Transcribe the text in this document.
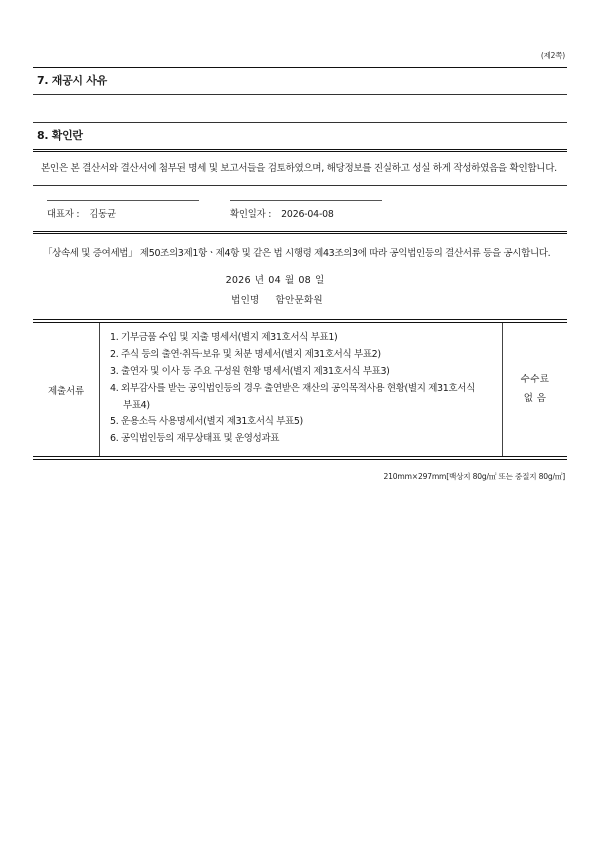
(제2쪽)
7. 재공시 사유
8. 확인란

본인은 본 결산서와 결산서에 첨부된 명세 및 보고서들을 검토하였으며, 해당정보를 진실하고 성실 하게 작성하였음을 확인합니다.

대표자 : 김동균	확인일자 : 2026-04-08

「상속세 및 증여세법」 제50조의3제1항ㆍ제4항 및 같은 법 시행령 제43조의3에 따라 공익법인등의 결산서류 등을 공시합니다.

2026 년 04 월 08 일
법인명 함안문화원
제출서류
1. 기부금품 수입 및 지출 명세서(별지 제31호서식 부표1)
2. 주식 등의 출연·취득·보유 및 처분 명세서(별지 제31호서식 부표2)
3. 출연자 및 이사 등 주요 구성원 현황 명세서(별지 제31호서식 부표3)
4. 외부감사를 받는 공익법인등의 경우 출연받은 재산의 공익목적사용 현황(별지 제31호서식 부표4)
5. 운용소득 사용명세서(별지 제31호서식 부표5)
6. 공익법인등의 재무상태표 및 운영성과표
수수료
없 음
210mm×297mm[백상지 80g/㎡ 또는 중질지 80g/㎡]
